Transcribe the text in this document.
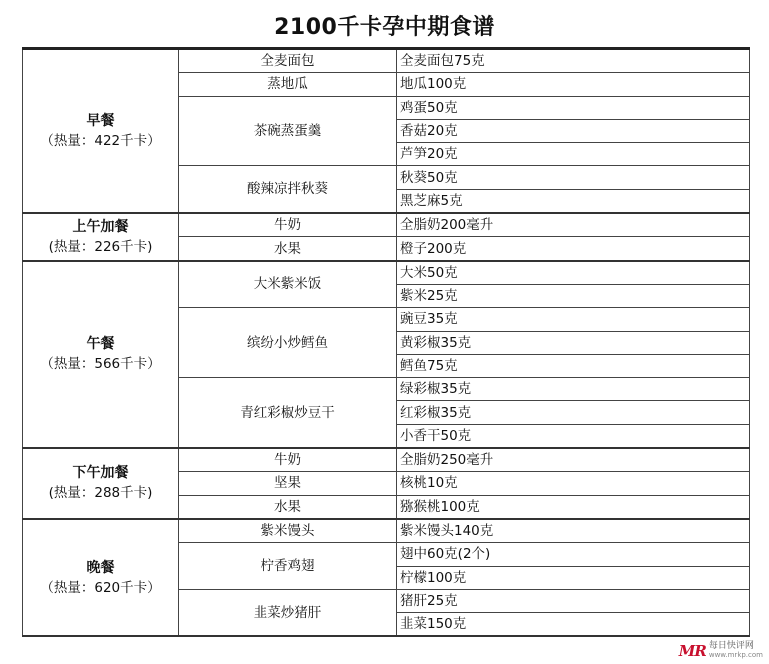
2100千卡孕中期食谱
早餐
（热量：422千卡）	全麦面包	全麦面包75克
	蒸地瓜	地瓜100克
	茶碗蒸蛋羹	鸡蛋50克
		香菇20克
		芦笋20克
	酸辣凉拌秋葵	秋葵50克
		黑芝麻5克

上午加餐
(热量：226千卡)	牛奶	全脂奶200毫升
	水果	橙子200克

午餐
（热量：566千卡）	大米紫米饭	大米50克
		紫米25克
	缤纷小炒鳕鱼	豌豆35克
		黄彩椒35克
		鳕鱼75克
	青红彩椒炒豆干	绿彩椒35克
		红彩椒35克
		小香干50克

下午加餐
(热量：288千卡)	牛奶	全脂奶250毫升
	坚果	核桃10克
	水果	猕猴桃100克

晚餐
（热量：620千卡）	紫米馒头	紫米馒头140克
	柠香鸡翅	翅中60克(2个)
		柠檬100克
	韭菜炒猪肝	猪肝25克
		韭菜150克
MR 每日快评网
www.mrkp.com
